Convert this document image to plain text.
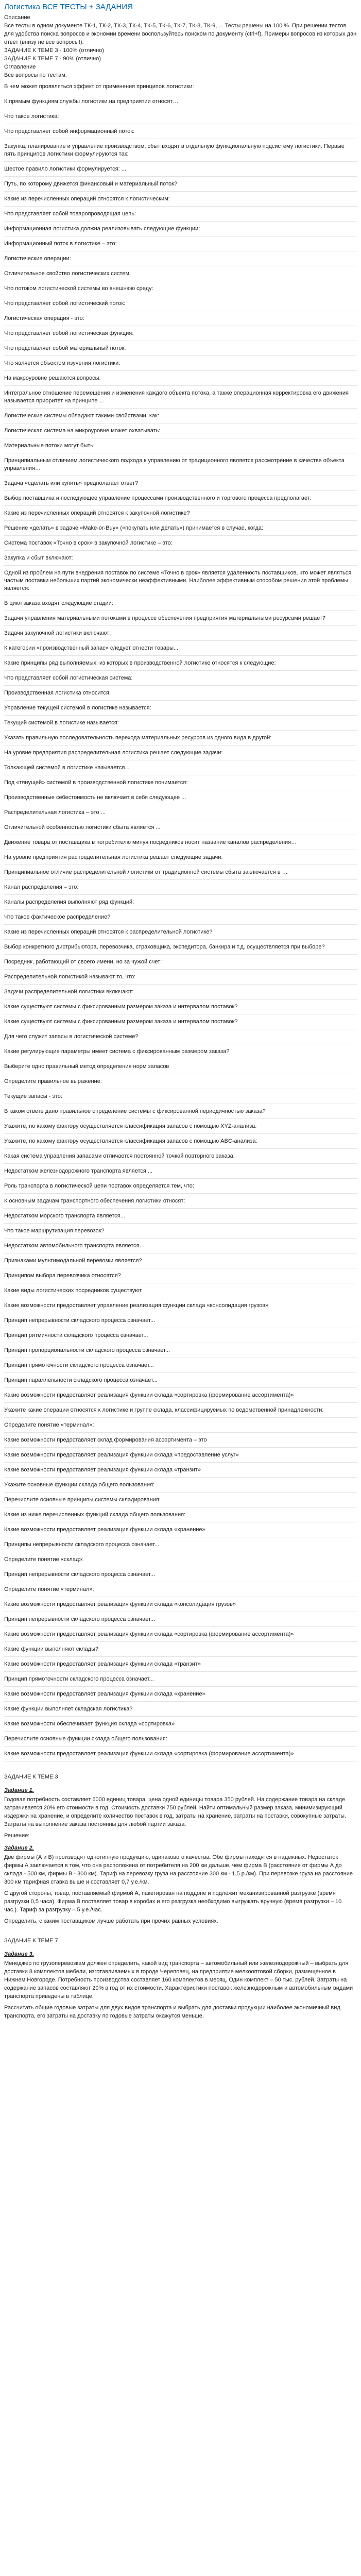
Логистика ВСЕ ТЕСТЫ + ЗАДАНИЯ

Описание

Все тесты в одном документе ТК-1, ТК-2, ТК-3, ТК-4, ТК-5, ТК-6, ТК-7, ТК-8, ТК-9, ... Тесты решены на 100 %. При решении тестов для удобства поиска вопросов и экономии времени воспользуйтесь поиском по документу (ctrl+f). Примеры вопросов из которых дан ответ (внизу не все вопросы!):

ЗАДАНИЕ К ТЕМЕ 3 - 100% (отлично)

ЗАДАНИЕ К ТЕМЕ 7 - 90% (отлично)

Оглавление

Все вопросы по тестам:

В чем может проявляться эффект от применения принципов логистики:
К прямым функциям службы логистики на предприятии относят…
Что такое логистика:
Что представляет собой информационный поток:
Закупка, планирование и управление производством, сбыт входят в отдельную функциональную подсистему логистики. Первые пять принципов логистики формулируются так:
Шестое правило логистики формулируется: ...
Путь, по которому движется финансовый и материальный поток?
Какие из перечисленных операций относятся к логистическим:
Что представляет собой товаропроводящая цепь:
Информационная логистика должна реализовывать следующие функции:
Информационный поток в логистике – это:
Логистические операции:
Отличительное свойство логистических систем:
Что потоком логистической системы во внешнюю среду:
Что представляет собой логистический поток:
Логистическая операция - это:
Что представляет собой логистическая функция:
Что представляет собой материальный поток:
Что является объектом изучения логистики:
На макроуровне решаются вопросы:
Интегральное отношение перемещения и изменения каждого объекта потока, а также операционная корректировка его движения называется приоритет на принципе ...
Логистические системы обладают такими свойствами, как:
Логистическая система на микроуровне может охватывать:
Материальные потоки могут быть:
Принципиальным отличием логистического подхода к управлению от традиционного является рассмотрение в качестве объекта управления…
Задача «сделать или купить» предполагает ответ?
Выбор поставщика и последующее управление процессами производственного и торгового процесса предполагает:
Какие из перечисленных операций относятся к закупочной логистике?
Решение «делать» в задаче «Make-or-Buy» («покупать или делать») принимается в случае, когда:
Система поставок «Точно в срок» в закупочной логистике – это:
Закупка и сбыт включают:
Одной из проблем на пути внедрения поставок по системе «Точно в срок» является удаленность поставщиков, что может являться частым поставки небольших партий экономически неэффективными. Наиболее эффективным способом решения этой проблемы является:
В цикл заказа входят следующие стадии:
Задачи управления материальными потоками в процессе обеспечения предприятия материальными ресурсами решает?
Задачи закупочной логистики включают:
К категории «производственный запас» следует отнести товары...
Какие принципы ряд выполняемых, из которых в производственной логистике относятся к следующие:
Что представляет собой логистическая система:
Производственная логистика относится:
Управление текущей системой в логистике называется:
Текущий системой в логистике называется:
Указать правильную последовательность перехода материальных ресурсов из одного вида в другой:
На уровне предприятия распределительная логистика решает следующие задачи:
Толкающей системой в логистике называется...
Под «тянущей» системой в производственной логистике понимается:
Производственные себестоимость не включает в себя следующее ...
Распределительная логистика – это ...
Отличительной особенностью логистики сбыта является ...
Движение товара от поставщика в потребителю минуя посредников носит название каналов распределения…
На уровне предприятия распределительная логистика решает следующие задачи:
Принципиальное отличие распределительной логистики от традиционной системы сбыта заключается в …
Канал распределения – это:
Каналы распределения выполняют ряд функций:
Что такое фактическое распределение?
Какие из перечисленных операций относятся к распределительной логистике?
Выбор конкретного дистрибьютора, перевозчика, страховщика, экспедитора, банкира и т.д. осуществляется при выборе?
Посредник, работающий от своего имени, но за чужой счет:
Распределительной логистикой называют то, что:
Задачи распределительной логистики включают:
Какие существуют системы с фиксированным размером заказа и интервалом поставок?
Какие существуют системы с фиксированным размером заказа и интервалом поставок?
Для чего служит запасы в логистической системе?
Какие регулирующие параметры имеет система с фиксированным размером заказа?
Выберите одно правильный метод определения норм запасов
Определите правильное выражение:
Текущие запасы - это:
В каком ответе дано правильное определение системы с фиксированной периодичностью заказа?
Укажите, по какому фактору осуществляется классификация запасов с помощью XYZ-анализа:
Укажите, по какому фактору осуществляется классификация запасов с помощью ABC-анализа:
Какая система управления запасами отличается постоянной точкой повторного заказа:
Недостатком железнодорожного транспорта является ...
Роль транспорта в логистической цепи поставок определяется тем, что:
К основным задачам транспортного обеспечения логистики относят:
Недостатком морского транспорта является...
Что такое маршрутизация перевозок?
Недостатком автомобильного транспорта является…
Признаками мультимодальной перевозки является?
Принципом выбора перевозчика относятся?
Какие виды логистических посредников существуют
Какие возможности предоставляет управление реализация функции склада «консолидация грузов»
Принцип непрерывности складского процесса означает...
Принцип ритмичности складского процесса означает...
Принцип пропорциональности складского процесса означает...
Принцип прямоточности складского процесса означает...
Принцип параллельности складского процесса означает...
Какие возможности предоставляет реализация функции склада «сортировка (формирование ассортимента)»
Укажите какие операции относятся к логистике и группе склада, классифицируемых по ведомственной принадлежности:
Определите понятие «терминал»:
Какие возможности предоставляет склад формирования ассортимента – это
Какие возможности предоставляет реализация функции склада «предоставление услуг»
Какие возможности предоставляет реализация функции склада «транзит»
Укажите основные функции склада общего пользования:
Перечислите основные принципы системы складирования:
Какие из ниже перечисленных функций склада общего пользования:
Какие возможности предоставляет реализация функции склада «хранение»
Принципы непрерывности складского процесса означает...
Определите понятие «склад»:
Принцип непрерывности складского процесса означает...
Определите понятие «терминал»:
Какие возможности предоставляет реализация функции склада «консолидация грузов»
Принцип непрерывности складского процесса означает...
Какие возможности предоставляет реализация функции склада «сортировка (формирование ассортимента)»
Какие функции выполняют склады?
Какие возможности предоставляет реализация функции склада «транзит»
Принцип прямоточности складского процесса означает...
Какие возможности предоставляет реализация функции склада «хранение»
Какие функции выполняет складская логистика?
Какие возможности обеспечивает функция склада «сортировка»
Перечислите основные функции склада общего пользования:
Какие возможности предоставляет реализация функции склада «сортировка (формирование ассортимента)»
ЗАДАНИЕ К ТЕМЕ 3
Задание 1.

Годовая потребность составляет 6000 единиц товара, цена одной единицы товара 350 рублей. На содержание товара на складе затрачивается 20% его стоимости в год. Стоимость доставки 750 рублей. Найти оптимальный размер заказа, минимизирующий издержки на хранение, и определите количество поставок в год, затраты на хранение, затраты на поставки, совокупные затраты. Затраты на выполнение заказа постоянны для любой партии заказа.

Решение:

Задание 2.

Две фирмы (А и В) производят однотипную продукцию, одинакового качества. Обе фирмы находятся в надежных. Недостаток фирмы А заключается в том, что она расположена от потребителя на 200 км дальше, чем фирма В (расстояние от фирмы А до склада - 500 км, фирмы В - 300 км). Тариф на перевозку груза на расстояние 300 км - 1,5 р./км). При перевозке груза на расстояние 300 км тарифная ставка выше и составляет 0,7 у.е./км.

С другой стороны, товар, поставляемый фирмой А, пакетирован на поддоне и подлежит механизированной разгрузке (время разгрузки 0,5 часа). Фирма В поставляет товар в коробах и его разгрузка необходимо выгружать вручную (время разгрузки – 10 час.). Тариф за разгрузку – 5 у.е./час.

Определить, с каким поставщиком лучше работать при прочих равных условиях.

ЗАДАНИЕ К ТЕМЕ 7
Задание 3.

Менеджер по грузоперевозкам должен определить, какой вид транспорта – автомобильный или железнодорожный – выбрать для доставки 8 комплектов мебели, изготавливаемых в городе Череповец, на предприятие мелкооптовой сборки, размещенное в Нижнем Новгороде. Потребность производства составляет 160 комплектов в месяц. Один комплект – 50 тыс. рублей. Затраты на содержание запасов составляют 20% в год от их стоимости. Характеристики поставок железнодорожным и автомобильным видами транспорта приведены в таблице.

Рассчитать общие годовые затраты для двух видов транспорта и выбрать для доставки продукции наиболее экономичный вид транспорта, его затраты на доставку по годовые затраты окажутся меньше.
